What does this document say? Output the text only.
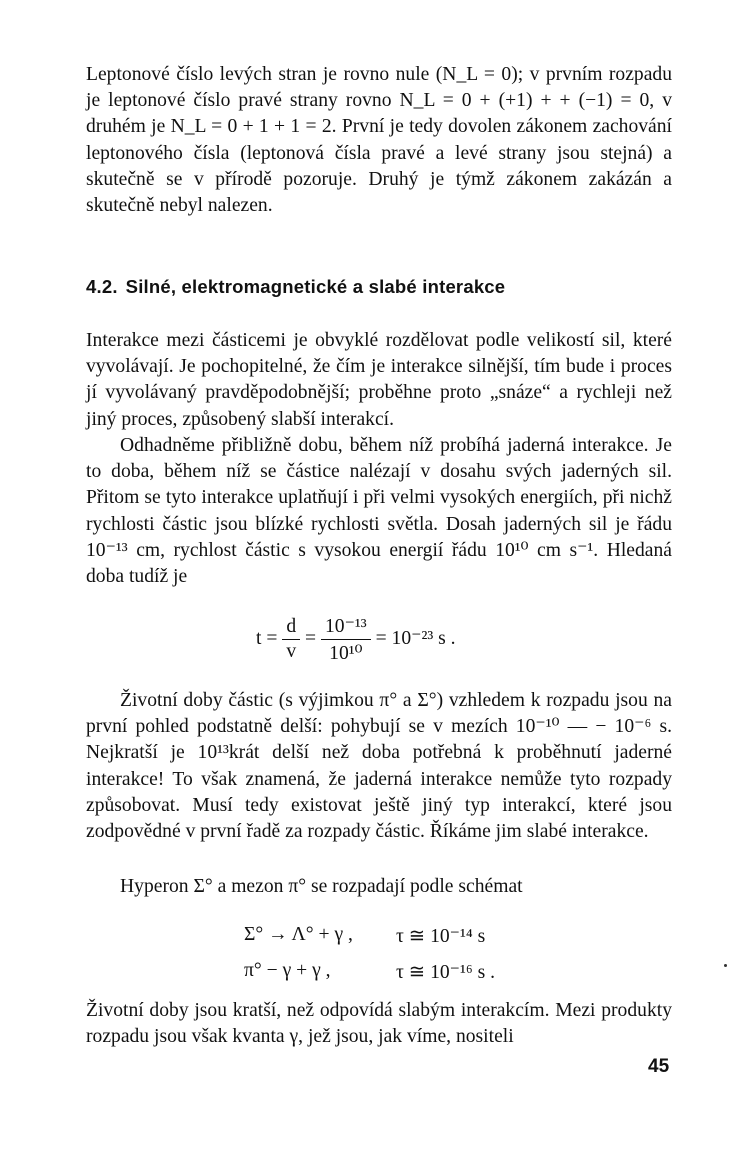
Leptonové číslo levých stran je rovno nule (N_L = 0); v prvním rozpadu je leptonové číslo pravé strany rovno N_L = 0 + (+1) + + (−1) = 0, v druhém je N_L = 0 + 1 + 1 = 2. První je tedy dovolen zákonem zachování leptonového čísla (leptonová čísla pravé a levé strany jsou stejná) a skutečně se v přírodě pozoruje. Druhý je týmž zákonem zakázán a skutečně nebyl nalezen.

4.2. Silné, elektromagnetické a slabé interakce

Interakce mezi částicemi je obvyklé rozdělovat podle velikostí sil, které vyvolávají. Je pochopitelné, že čím je interakce silnější, tím bude i proces jí vyvolávaný pravděpodobnější; proběhne proto „snáze“ a rychleji než jiný proces, způsobený slabší interakcí.

Odhadněme přibližně dobu, během níž probíhá jaderná interakce. Je to doba, během níž se částice nalézají v dosahu svých jaderných sil. Přitom se tyto interakce uplatňují i při velmi vysokých energiích, při nichž rychlosti částic jsou blízké rychlosti světla. Dosah jaderných sil je řádu 10⁻¹³ cm, rychlost částic s vysokou energií řádu 10¹⁰ cm s⁻¹. Hledaná doba tudíž je

$t = \frac{d}{v} = \frac{\text{10⁻¹³}}{\text{10¹⁰}} = 10^{-23}$ s .

Životní doby částic (s výjimkou π° a Σ°) vzhledem k rozpadu jsou na první pohled podstatně delší: pohybují se v mezích 10⁻¹⁰ — − 10⁻⁶ s. Nejkratší je 10¹³krát delší než doba potřebná k proběhnutí jaderné interakce! To však znamená, že jaderná interakce nemůže tyto rozpady způsobovat. Musí tedy existovat ještě jiný typ interakcí, které jsou zodpovědné v první řadě za rozpady částic. Říkáme jim slabé interakce.

Hyperon Σ° a mezon π° se rozpadají podle schémat

Σ° → Λ° + γ , τ ≅ 10⁻¹⁴ s
π° − γ + γ ,	τ ≅ 10⁻¹⁶ s .

Životní doby jsou kratší, než odpovídá slabým interakcím. Mezi produkty rozpadu jsou však kvanta γ, jež jsou, jak víme, nositeli

45
